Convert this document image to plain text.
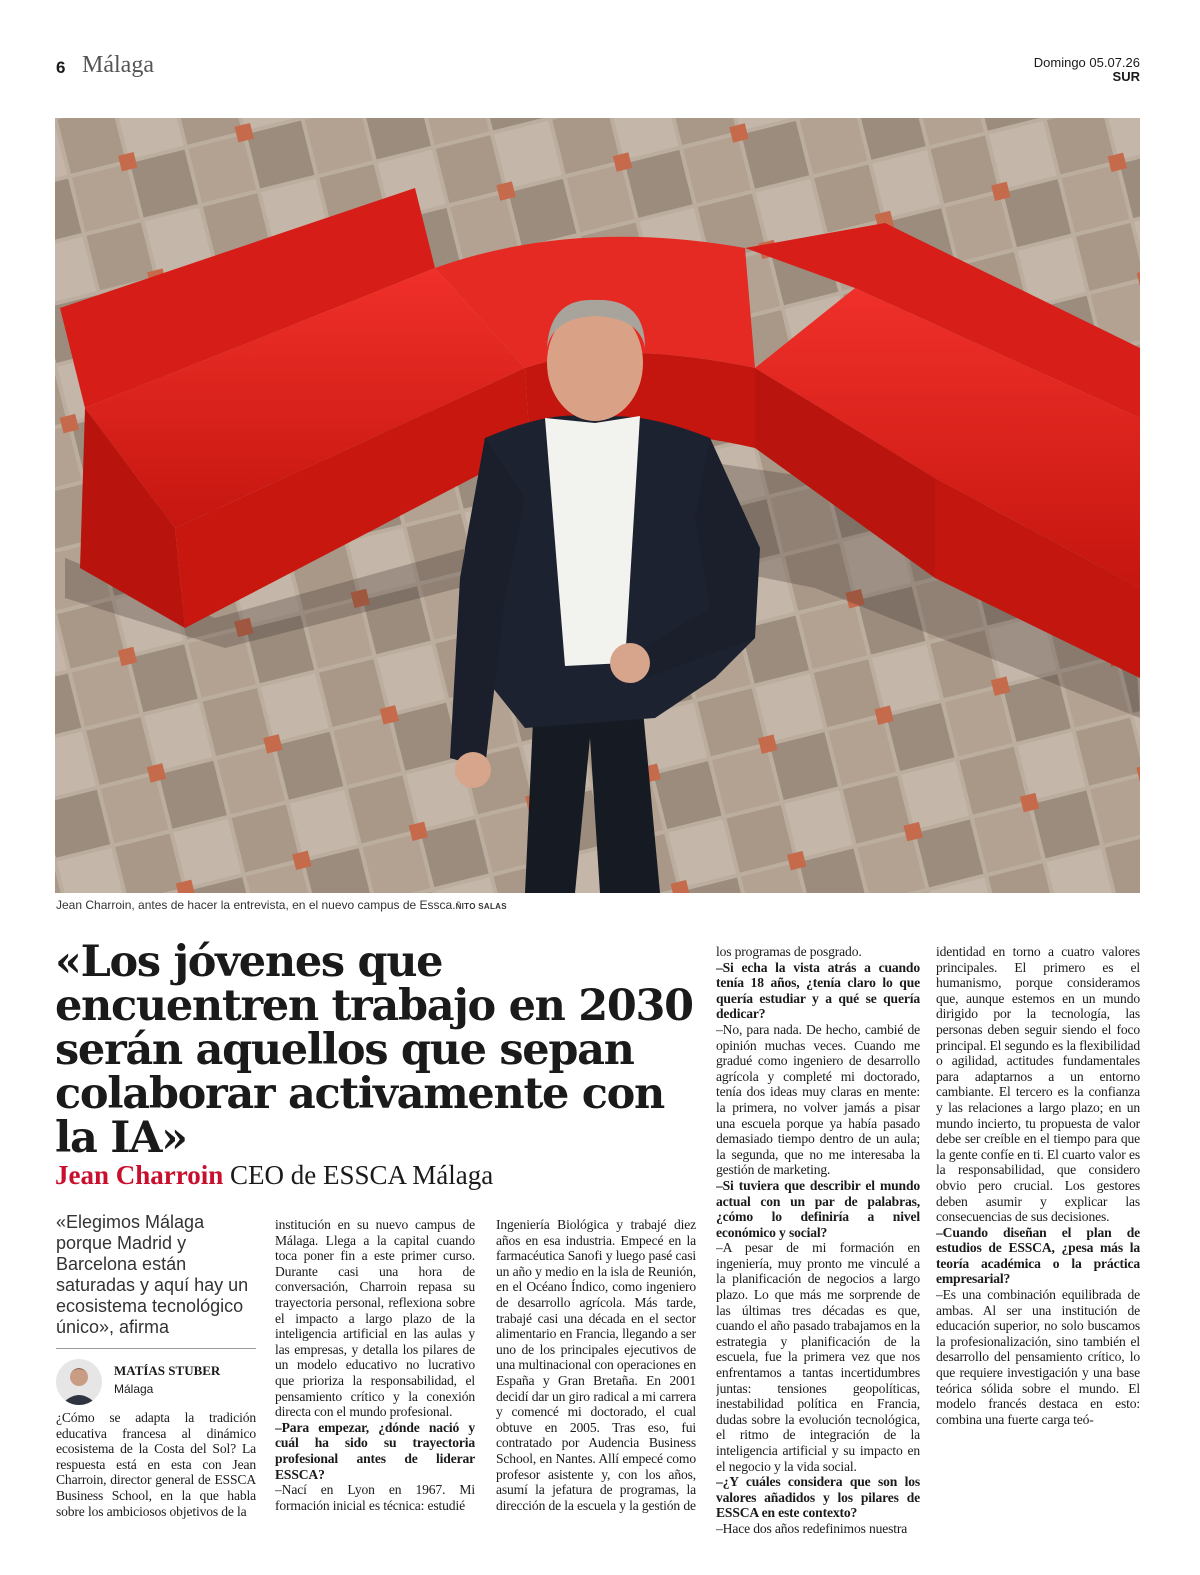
6 Málaga	Domingo 05.07.26
SUR
Jean Charroin, antes de hacer la entrevista, en el nuevo campus de Essca.ÑITO SALAS
«Los jóvenes que encuentren trabajo en 2030 serán aquellos que sepan colaborar activamente con la IA»
Jean Charroin CEO de ESSCA Málaga
«Elegimos Málaga porque Madrid y Barcelona están saturadas y aquí hay un ecosistema tecnológico único», afirma
MATÍAS STUBER
Málaga

¿Cómo se adapta la tradición educativa francesa al dinámico ecosistema de la Costa del Sol? La respuesta está en esta con Jean Charroin, director general de ESSCA Business School, en la que habla sobre los ambiciosos objetivos de la

institución en su nuevo campus de Málaga. Llega a la capital cuando toca poner fin a este primer curso. Durante casi una hora de conversación, Charroin repasa su trayectoria personal, reflexiona sobre el impacto a largo plazo de la inteligencia artificial en las aulas y las empresas, y detalla los pilares de un modelo educativo no lucrativo que prioriza la responsabilidad, el pensamiento crítico y la conexión directa con el mundo profesional.

–Para empezar, ¿dónde nació y cuál ha sido su trayectoria profesional antes de liderar ESSCA?

–Nací en Lyon en 1967. Mi formación inicial es técnica: estudié

Ingeniería Biológica y trabajé diez años en esa industria. Empecé en la farmacéutica Sanofi y luego pasé casi un año y medio en la isla de Reunión, en el Océano Índico, como ingeniero de desarrollo agrícola. Más tarde, trabajé casi una década en el sector alimentario en Francia, llegando a ser uno de los principales ejecutivos de una multinacional con operaciones en España y Gran Bretaña. En 2001 decidí dar un giro radical a mi carrera y comencé mi doctorado, el cual obtuve en 2005. Tras eso, fui contratado por Audencia Business School, en Nantes. Allí empecé como profesor asistente y, con los años, asumí la jefatura de programas, la dirección de la escuela y la gestión de

los programas de posgrado.

–Si echa la vista atrás a cuando tenía 18 años, ¿tenía claro lo que quería estudiar y a qué se quería dedicar?

–No, para nada. De hecho, cambié de opinión muchas veces. Cuando me gradué como ingeniero de desarrollo agrícola y completé mi doctorado, tenía dos ideas muy claras en mente: la primera, no volver jamás a pisar una escuela porque ya había pasado demasiado tiempo dentro de un aula; la segunda, que no me interesaba la gestión de marketing.

–Si tuviera que describir el mundo actual con un par de palabras, ¿cómo lo definiría a nivel económico y social?

–A pesar de mi formación en ingeniería, muy pronto me vinculé a la planificación de negocios a largo plazo. Lo que más me sorprende de las últimas tres décadas es que, cuando el año pasado trabajamos en la estrategia y planificación de la escuela, fue la primera vez que nos enfrentamos a tantas incertidumbres juntas: tensiones geopolíticas, inestabilidad política en Francia, dudas sobre la evolución tecnológica, el ritmo de integración de la inteligencia artificial y su impacto en el negocio y la vida social.

–¿Y cuáles considera que son los valores añadidos y los pilares de ESSCA en este contexto?

–Hace dos años redefinimos nuestra

identidad en torno a cuatro valores principales. El primero es el humanismo, porque consideramos que, aunque estemos en un mundo dirigido por la tecnología, las personas deben seguir siendo el foco principal. El segundo es la flexibilidad o agilidad, actitudes fundamentales para adaptarnos a un entorno cambiante. El tercero es la confianza y las relaciones a largo plazo; en un mundo incierto, tu propuesta de valor debe ser creíble en el tiempo para que la gente confíe en ti. El cuarto valor es la responsabilidad, que considero obvio pero crucial. Los gestores deben asumir y explicar las consecuencias de sus decisiones.

–Cuando diseñan el plan de estudios de ESSCA, ¿pesa más la teoría académica o la práctica empresarial?

–Es una combinación equilibrada de ambas. Al ser una institución de educación superior, no solo buscamos la profesionalización, sino también el desarrollo del pensamiento crítico, lo que requiere investigación y una base teórica sólida sobre el mundo. El modelo francés destaca en esto: combina una fuerte carga teó-
